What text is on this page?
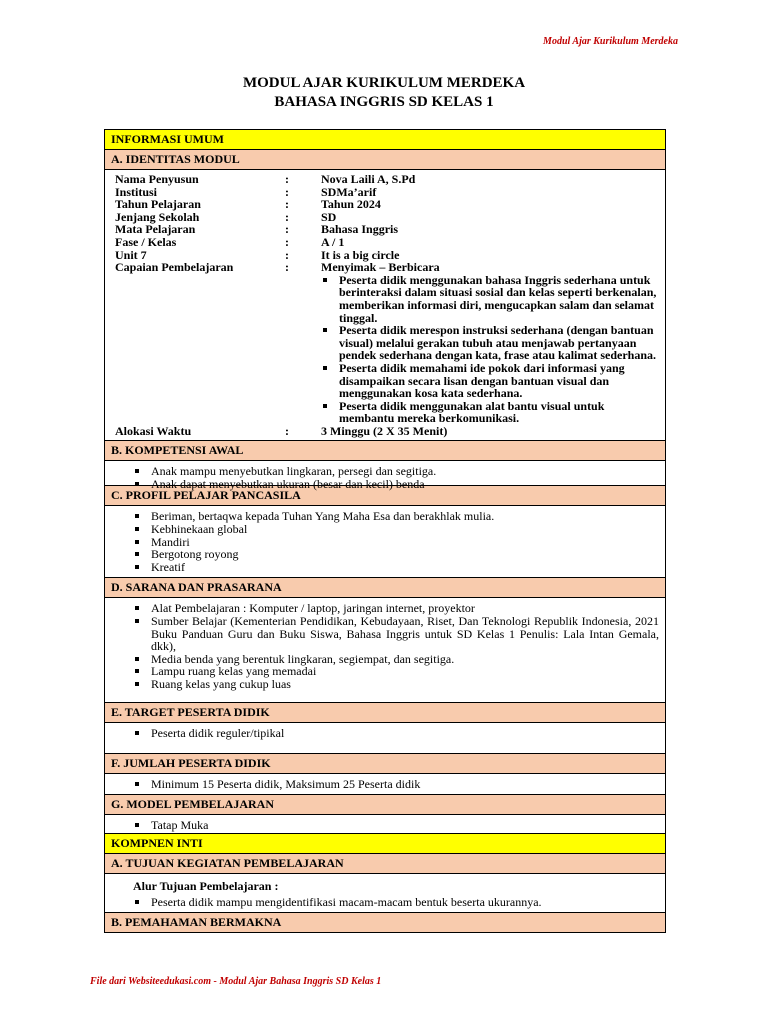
Modul Ajar Kurikulum Merdeka
MODUL AJAR KURIKULUM MERDEKA
BAHASA INGGRIS SD KELAS 1
INFORMASI UMUM
A. IDENTITAS MODUL
Nama Penyusun	:	Nova Laili A, S.Pd
Institusi	:	SDMa’arif
Tahun Pelajaran	:	Tahun 2024
Jenjang Sekolah	:	SD
Mata Pelajaran	:	Bahasa Inggris
Fase / Kelas	:	A / 1
Unit 7	:	It is a big circle
Capaian Pembelajaran	:	Menyimak – Berbicara
Peserta didik menggunakan bahasa Inggris sederhana untuk berinteraksi dalam situasi sosial dan kelas seperti berkenalan, memberikan informasi diri, mengucapkan salam dan selamat tinggal.
Peserta didik merespon instruksi sederhana (dengan bantuan visual) melalui gerakan tubuh atau menjawab pertanyaan pendek sederhana dengan kata, frase atau kalimat sederhana.
Peserta didik memahami ide pokok dari informasi yang disampaikan secara lisan dengan bantuan visual dan menggunakan kosa kata sederhana.
Peserta didik menggunakan alat bantu visual untuk membantu mereka berkomunikasi.
Alokasi Waktu	:	3 Minggu (2 X 35 Menit)
B. KOMPETENSI AWAL
Anak mampu menyebutkan lingkaran, persegi dan segitiga.
Anak dapat menyebutkan ukuran (besar dan kecil) benda
C. PROFIL PELAJAR PANCASILA
Beriman, bertaqwa kepada Tuhan Yang Maha Esa dan berakhlak mulia.
Kebhinekaan global
Mandiri
Bergotong royong
Kreatif
D. SARANA DAN PRASARANA
Alat Pembelajaran : Komputer / laptop, jaringan internet, proyektor
Sumber Belajar (Kementerian Pendidikan, Kebudayaan, Riset, Dan Teknologi Republik Indonesia, 2021 Buku Panduan Guru dan Buku Siswa, Bahasa Inggris untuk SD Kelas 1 Penulis: Lala Intan Gemala, dkk),
Media benda yang berentuk lingkaran, segiempat, dan segitiga.
Lampu ruang kelas yang memadai
Ruang kelas yang cukup luas
E. TARGET PESERTA DIDIK
Peserta didik reguler/tipikal
F. JUMLAH PESERTA DIDIK
Minimum 15 Peserta didik, Maksimum 25 Peserta didik
G. MODEL PEMBELAJARAN
Tatap Muka
KOMPNEN INTI
A. TUJUAN KEGIATAN PEMBELAJARAN
Alur Tujuan Pembelajaran :
Peserta didik mampu mengidentifikasi macam-macam bentuk beserta ukurannya.
B. PEMAHAMAN BERMAKNA
File dari Websiteedukasi.com - Modul Ajar Bahasa Inggris SD Kelas 1
